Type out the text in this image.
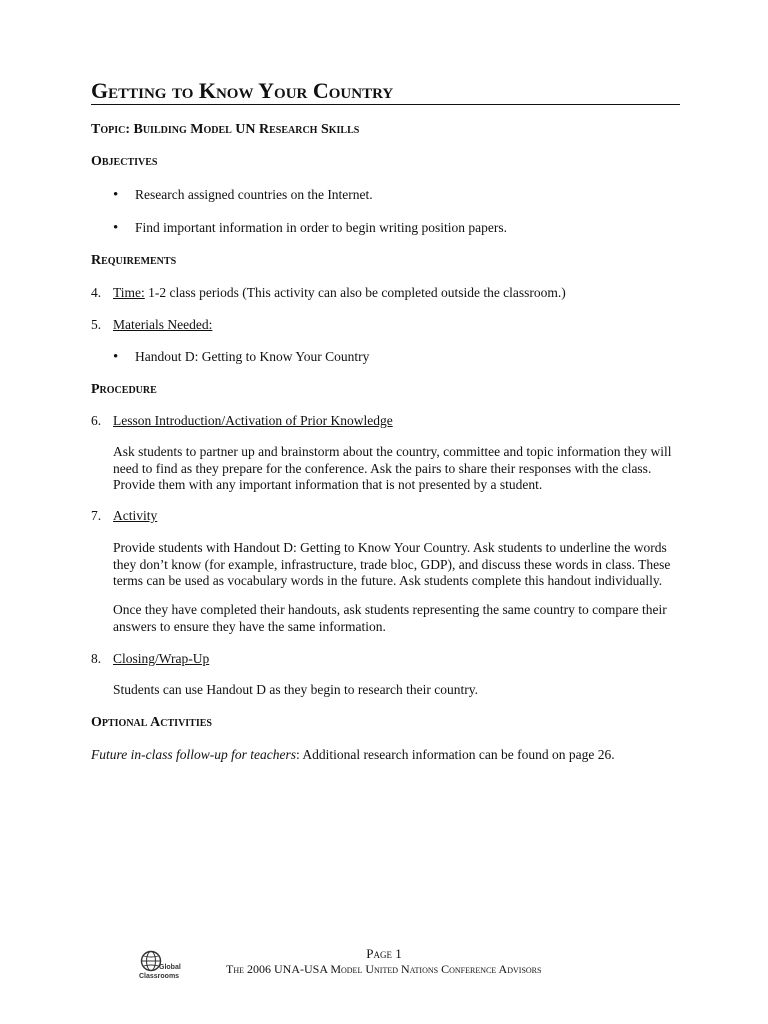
Getting to Know Your Country
Topic: Building Model UN Research Skills
Objectives
• Research assigned countries on the Internet.
• Find important information in order to begin writing position papers.
Requirements
4. Time: 1-2 class periods (This activity can also be completed outside the classroom.)
5. Materials Needed:
• Handout D: Getting to Know Your Country
Procedure
6. Lesson Introduction/Activation of Prior Knowledge

Ask students to partner up and brainstorm about the country, committee and topic information they will need to find as they prepare for the conference. Ask the pairs to share their responses with the class. Provide them with any important information that is not presented by a student.

7. Activity

Provide students with Handout D: Getting to Know Your Country. Ask students to underline the words they don’t know (for example, infrastructure, trade bloc, GDP), and discuss these words in class. These terms can be used as vocabulary words in the future. Ask students complete this handout individually.

Once they have completed their handouts, ask students representing the same country to compare their answers to ensure they have the same information.

8. Closing/Wrap-Up

Students can use Handout D as they begin to research their country.

Optional Activities
Future in-class follow-up for teachers: Additional research information can be found on page 26.
Global
Classrooms
Page 1
The 2006 UNA-USA Model United Nations Conference Advisors
